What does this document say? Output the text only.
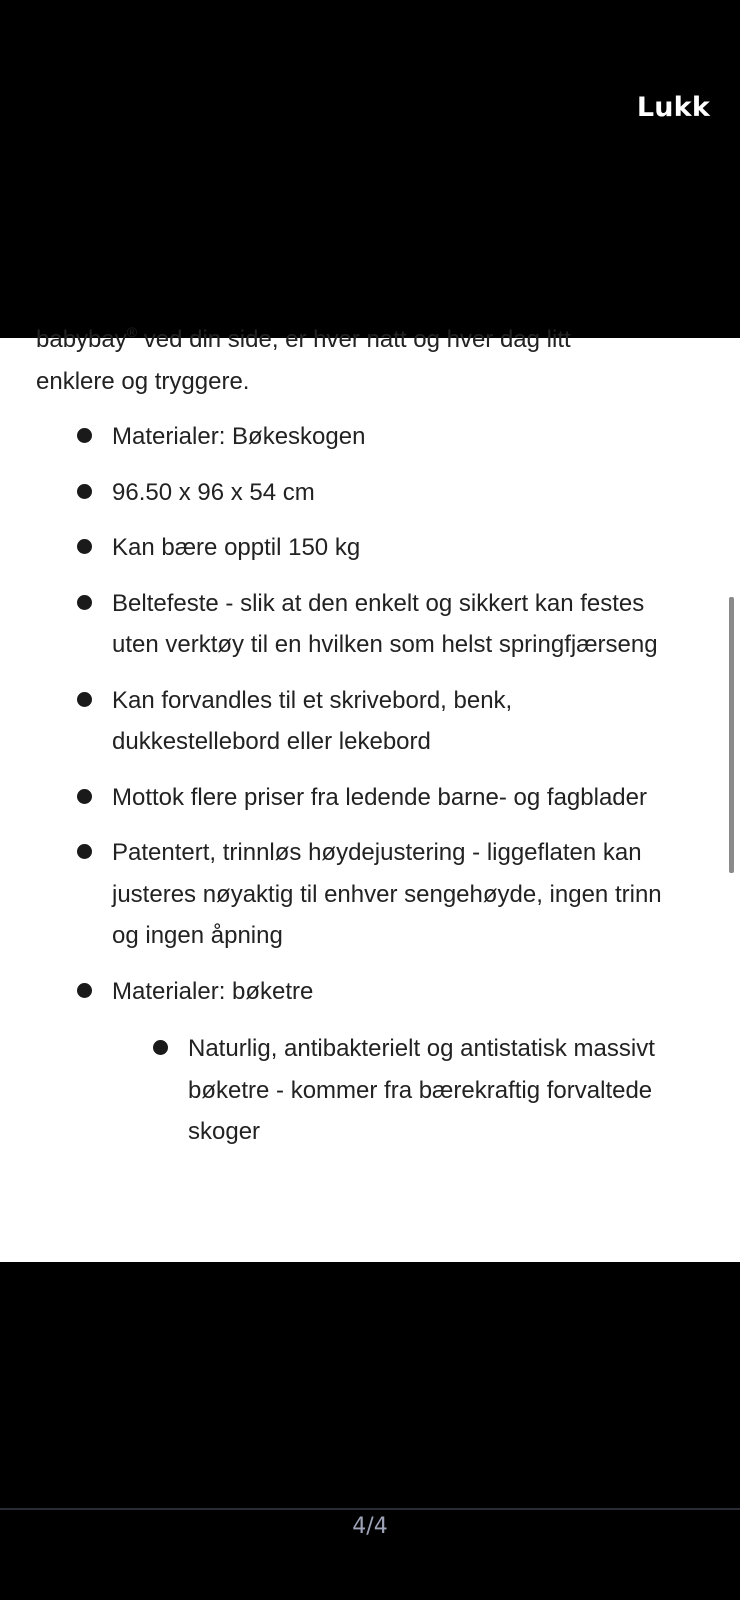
Lukk

babybay® ved din side, er hver natt og hver dag litt
enklere og tryggere.

Materialer: Bøkeskogen
96.50 x 96 x 54 cm
Kan bære opptil 150 kg
Beltefeste - slik at den enkelt og sikkert kan festes uten verktøy til en hvilken som helst springfjærseng
Kan forvandles til et skrivebord, benk, dukkestellebord eller lekebord
Mottok flere priser fra ledende barne- og fagblader
Patentert, trinnløs høydejustering - liggeflaten kan justeres nøyaktig til enhver sengehøyde, ingen trinn og ingen åpning
Materialer: bøketre
Naturlig, antibakterielt og antistatisk massivt bøketre - kommer fra bærekraftig forvaltede skoger
4/4
